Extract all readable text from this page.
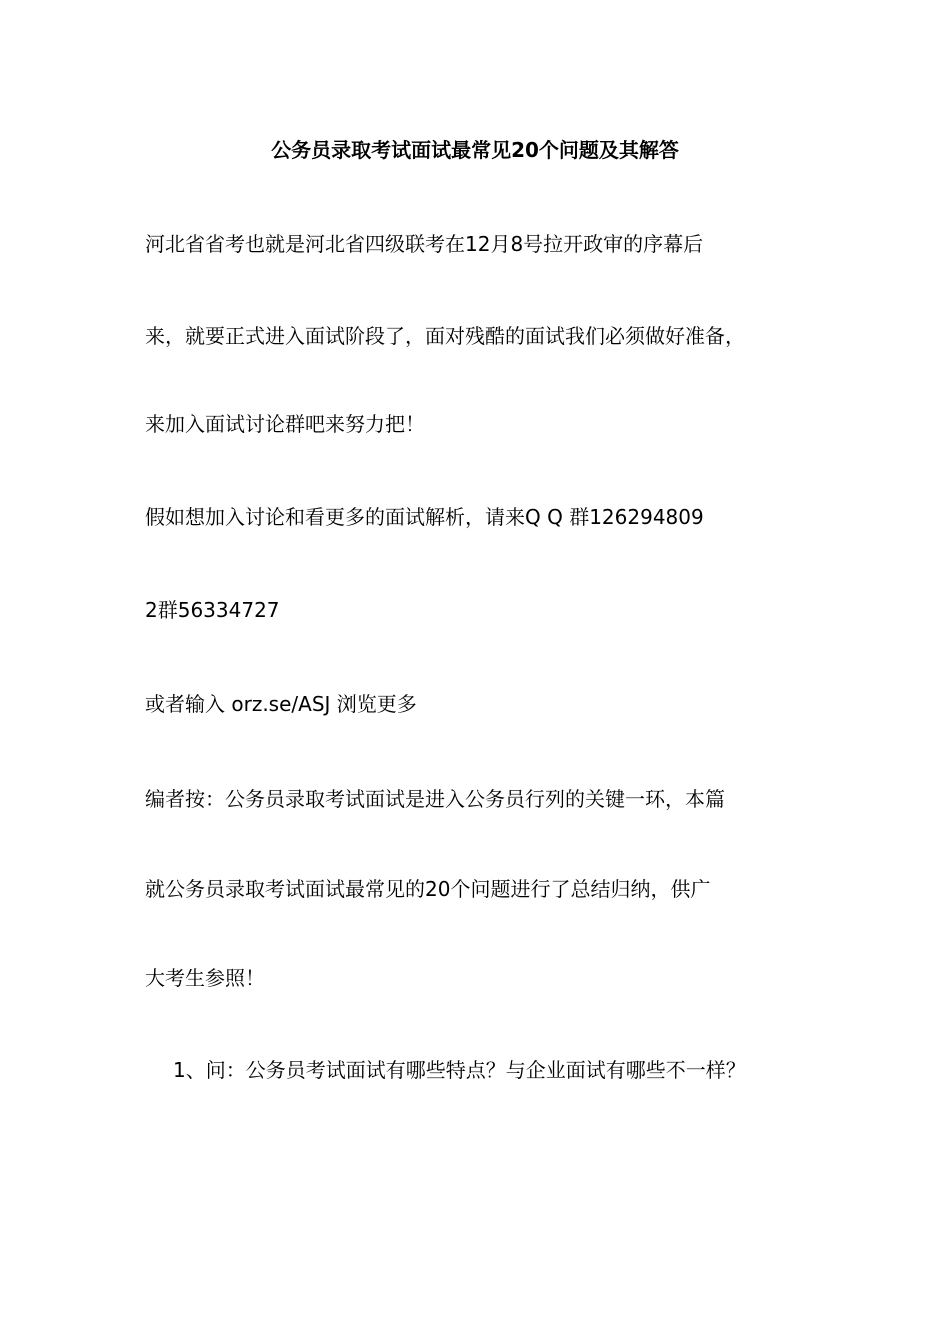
公务员录取考试面试最常见20个问题及其解答
河北省省考也就是河北省四级联考在12月8号拉开政审的序幕后
来，就要正式进入面试阶段了，面对残酷的面试我们必须做好准备，
来加入面试讨论群吧来努力把！
假如想加入讨论和看更多的面试解析，请来Q Q 群126294809
2群56334727
或者输入 orz.se/ASJ 浏览更多
编者按：公务员录取考试面试是进入公务员行列的关键一环，本篇
就公务员录取考试面试最常见的20个问题进行了总结归纳，供广
大考生参照！
1、问：公务员考试面试有哪些特点？与企业面试有哪些不一样？
